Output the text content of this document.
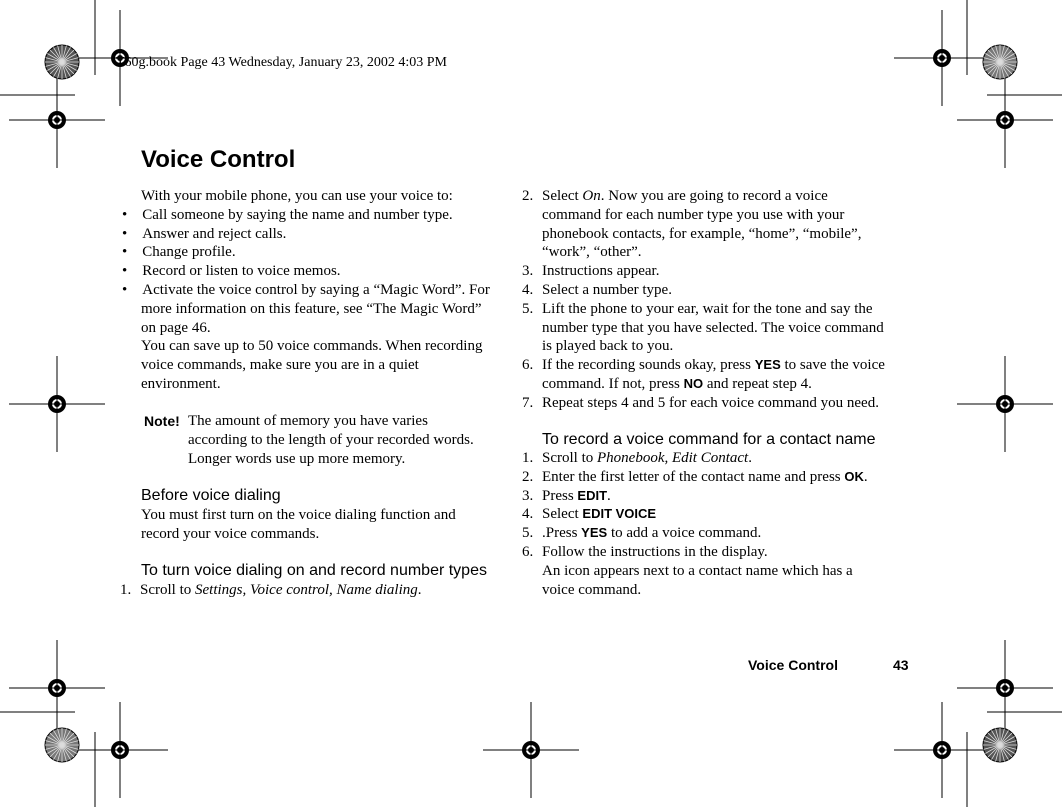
T60g.book Page 43 Wednesday, January 23, 2002 4:03 PM
Voice Control
With your mobile phone, you can use your voice to:
•    Call someone by saying the name and number type.
•    Answer and reject calls.
•    Change profile.
•    Record or listen to voice memos.
•    Activate the voice control by saying a “Magic Word”. For
more information on this feature, see “The Magic Word”
on page 46.
You can save up to 50 voice commands. When recording
voice commands, make sure you are in a quiet
environment.
Note! The amount of memory you have varies
according to the length of your recorded words.
Longer words use up more memory.
Before voice dialing
You must first turn on the voice dialing function and
record your voice commands.
To turn voice dialing on and record number types
1. Scroll to Settings, Voice control, Name dialing.
2. Select On. Now you are going to record a voice
command for each number type you use with your
phonebook contacts, for example, “home”, “mobile”,
“work”, “other”.
3. Instructions appear.
4. Select a number type.
5. Lift the phone to your ear, wait for the tone and say the
number type that you have selected. The voice command
is played back to you.
6. If the recording sounds okay, press YES to save the voice
command. If not, press NO and repeat step 4.
7. Repeat steps 4 and 5 for each voice command you need.
To record a voice command for a contact name
1. Scroll to Phonebook, Edit Contact.
2. Enter the first letter of the contact name and press OK.
3. Press EDIT.
4. Select EDIT VOICE
5. .Press YES to add a voice command.
6. Follow the instructions in the display.
An icon appears next to a contact name which has a
voice command.
Voice Control	43
